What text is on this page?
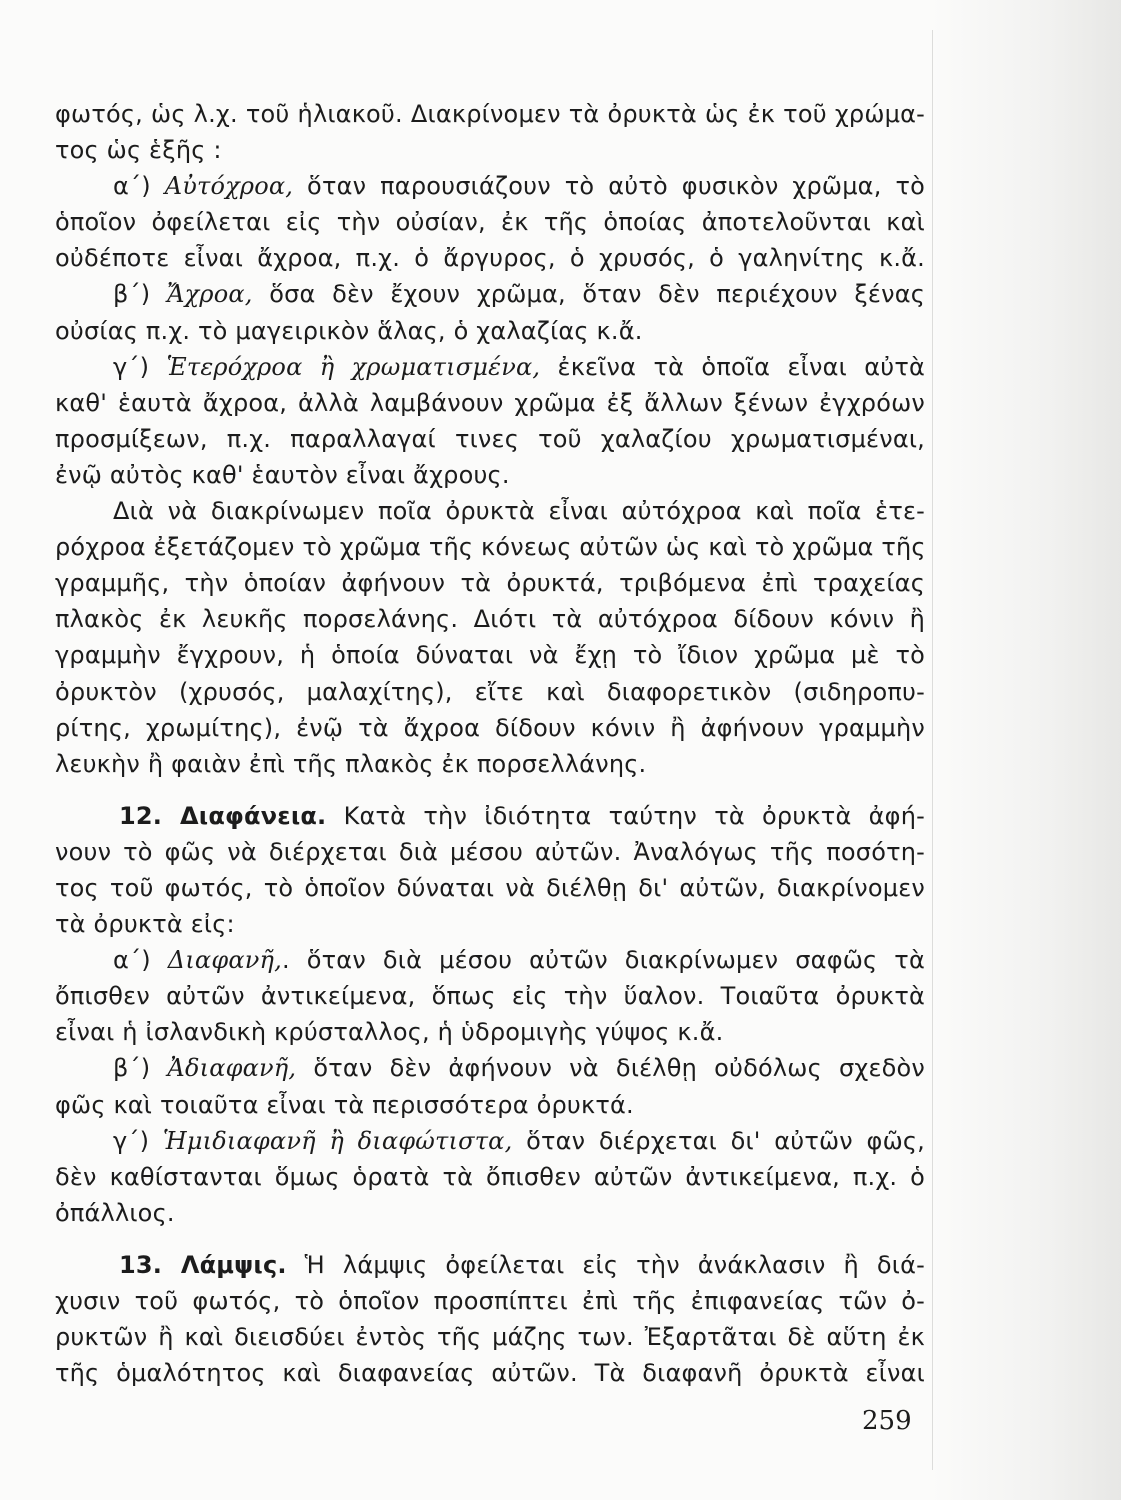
φωτός, ὡς λ.χ. τοῦ ἡλιακοῦ. Διακρίνομεν τὰ ὀρυκτὰ ὡς ἐκ τοῦ χρώμα-
τος ὡς ἑξῆς :
α΄) Αὐτόχροα, ὅταν παρουσιάζουν τὸ αὐτὸ φυσικὸν χρῶμα, τὸ
ὁποῖον ὀφείλεται εἰς τὴν οὐσίαν, ἐκ τῆς ὁποίας ἀποτελοῦνται καὶ
οὐδέποτε εἶναι ἄχροα, π.χ. ὁ ἄργυρος, ὁ χρυσός, ὁ γαληνίτης κ.ἄ.
β΄) Ἄχροα, ὅσα δὲν ἔχουν χρῶμα, ὅταν δὲν περιέχουν ξένας
οὐσίας π.χ. τὸ μαγειρικὸν ἅλας, ὁ χαλαζίας κ.ἄ.
γ΄) Ἑτερόχροα ἢ χρωματισμένα, ἐκεῖνα τὰ ὁποῖα εἶναι αὐτὰ
καθ' ἑαυτὰ ἄχροα, ἀλλὰ λαμβάνουν χρῶμα ἐξ ἄλλων ξένων ἐγχρόων
προσμίξεων, π.χ. παραλλαγαί τινες τοῦ χαλαζίου χρωματισμέναι,
ἐνῷ αὐτὸς καθ' ἑαυτὸν εἶναι ἄχρους.
Διὰ νὰ διακρίνωμεν ποῖα ὀρυκτὰ εἶναι αὐτόχροα καὶ ποῖα ἑτε-
ρόχροα ἐξετάζομεν τὸ χρῶμα τῆς κόνεως αὐτῶν ὡς καὶ τὸ χρῶμα τῆς
γραμμῆς, τὴν ὁποίαν ἀφήνουν τὰ ὀρυκτά, τριβόμενα ἐπὶ τραχείας
πλακὸς ἐκ λευκῆς πορσελάνης. Διότι τὰ αὐτόχροα δίδουν κόνιν ἢ
γραμμὴν ἔγχρουν, ἡ ὁποία δύναται νὰ ἔχῃ τὸ ἴδιον χρῶμα μὲ τὸ
ὀρυκτὸν (χρυσός, μαλαχίτης), εἴτε καὶ διαφορετικὸν (σιδηροπυ-
ρίτης, χρωμίτης), ἐνῷ τὰ ἄχροα δίδουν κόνιν ἢ ἀφήνουν γραμμὴν
λευκὴν ἢ φαιὰν ἐπὶ τῆς πλακὸς ἐκ πορσελλάνης.
12. Διαφάνεια. Κατὰ τὴν ἰδιότητα ταύτην τὰ ὀρυκτὰ ἀφή-
νουν τὸ φῶς νὰ διέρχεται διὰ μέσου αὐτῶν. Ἀναλόγως τῆς ποσότη-
τος τοῦ φωτός, τὸ ὁποῖον δύναται νὰ διέλθῃ δι' αὐτῶν, διακρίνομεν
τὰ ὀρυκτὰ εἰς:
α΄) Διαφανῆ,. ὅταν διὰ μέσου αὐτῶν διακρίνωμεν σαφῶς τὰ
ὄπισθεν αὐτῶν ἀντικείμενα, ὅπως εἰς τὴν ὕαλον. Τοιαῦτα ὀρυκτὰ
εἶναι ἡ ἰσλανδικὴ κρύσταλλος, ἡ ὑδρομιγὴς γύψος κ.ἄ.
β΄) Ἀδιαφανῆ, ὅταν δὲν ἀφήνουν νὰ διέλθῃ οὐδόλως σχεδὸν
φῶς καὶ τοιαῦτα εἶναι τὰ περισσότερα ὀρυκτά.
γ΄) Ἡμιδιαφανῆ ἢ διαφώτιστα, ὅταν διέρχεται δι' αὐτῶν φῶς,
δὲν καθίστανται ὅμως ὁρατὰ τὰ ὄπισθεν αὐτῶν ἀντικείμενα, π.χ. ὁ
ὀπάλλιος.
13. Λάμψις. Ἡ λάμψις ὀφείλεται εἰς τὴν ἀνάκλασιν ἢ διά-
χυσιν τοῦ φωτός, τὸ ὁποῖον προσπίπτει ἐπὶ τῆς ἐπιφανείας τῶν ὀ-
ρυκτῶν ἢ καὶ διεισδύει ἐντὸς τῆς μάζης των. Ἐξαρτᾶται δὲ αὕτη ἐκ
τῆς ὁμαλότητος καὶ διαφανείας αὐτῶν. Τὰ διαφανῆ ὀρυκτὰ εἶναι
259
